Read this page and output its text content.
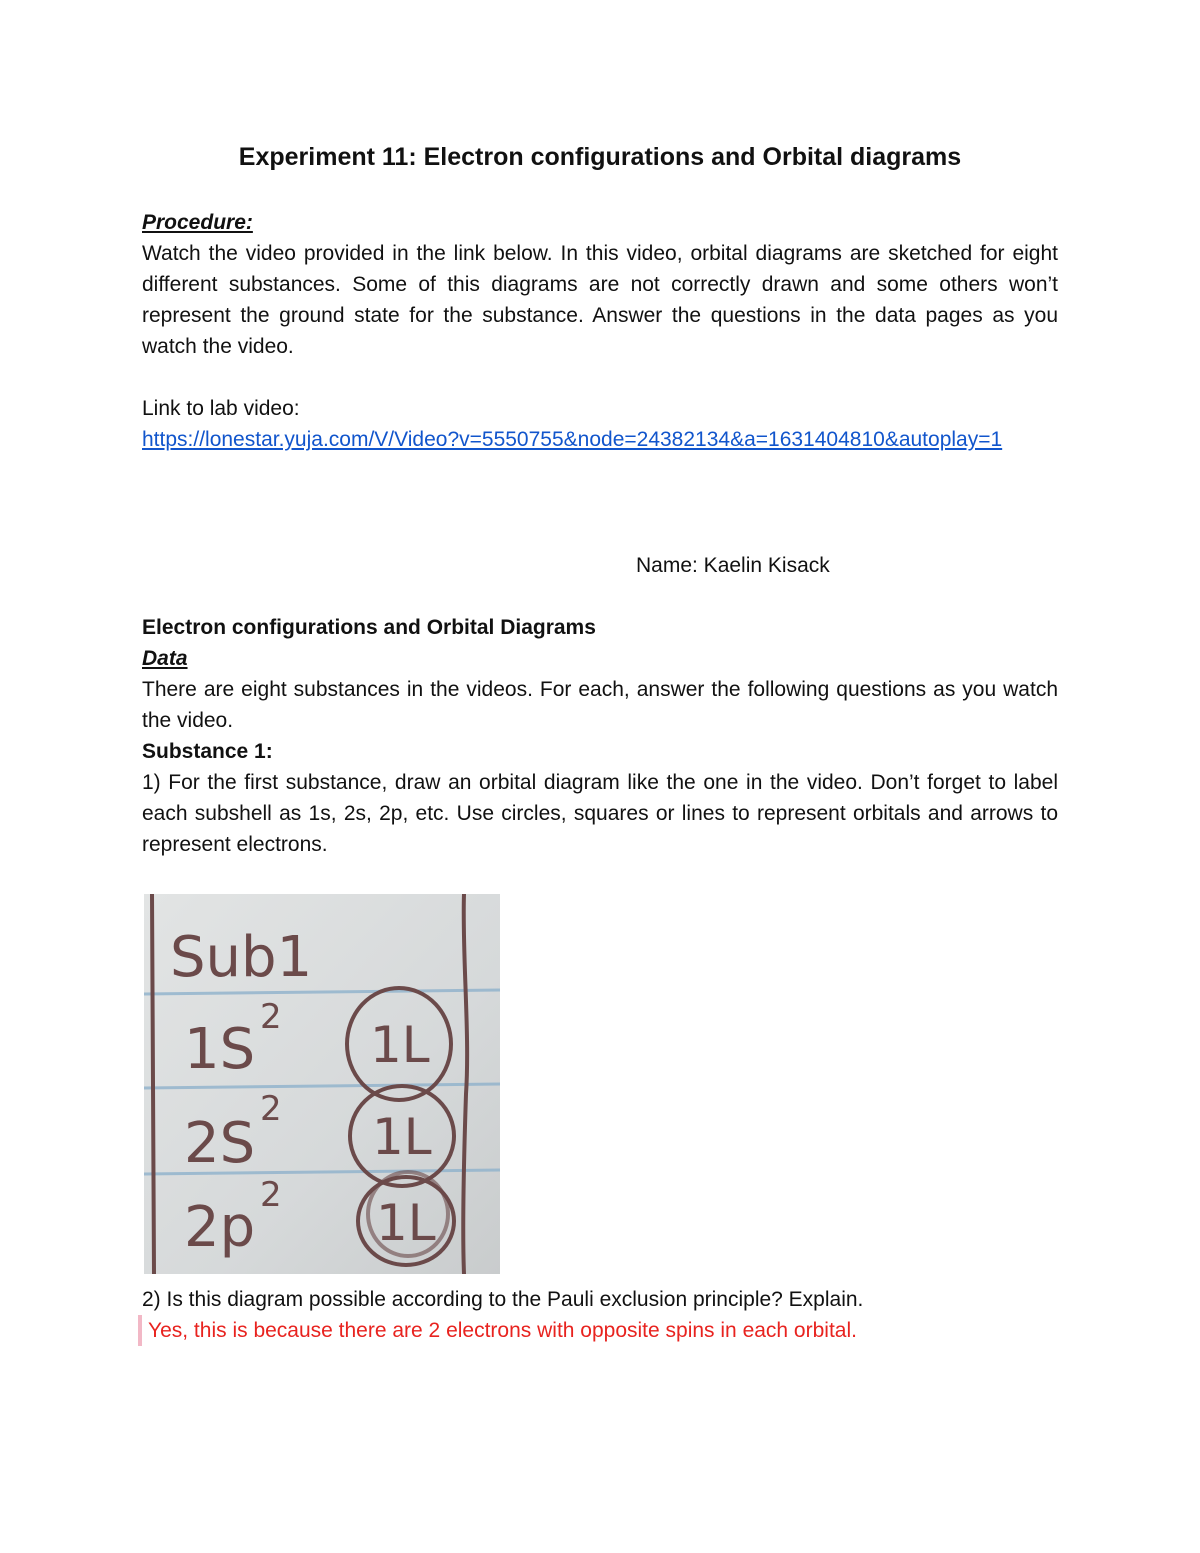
Experiment 11: Electron configurations and Orbital diagrams

Procedure:

Watch the video provided in the link below. In this video, orbital diagrams are sketched for eight different substances. Some of this diagrams are not correctly drawn and some others won’t represent the ground state for the substance. Answer the questions in the data pages as you watch the video.

Link to lab video:

https://lonestar.yuja.com/V/Video?v=5550755&node=24382134&a=1631404810&autoplay=1

Name: Kaelin Kisack

Electron configurations and Orbital Diagrams

Data

There are eight substances in the videos. For each, answer the following questions as you watch the video.

Substance 1:

1) For the first substance, draw an orbital diagram like the one in the video. Don’t forget to label each subshell as 1s, 2s, 2p, etc. Use circles, squares or lines to represent orbitals and arrows to represent electrons.

Sub1
1S 2
2S
2
2p 2
1L
1L
1L

2) Is this diagram possible according to the Pauli exclusion principle? Explain.

Yes, this is because there are 2 electrons with opposite spins in each orbital.
